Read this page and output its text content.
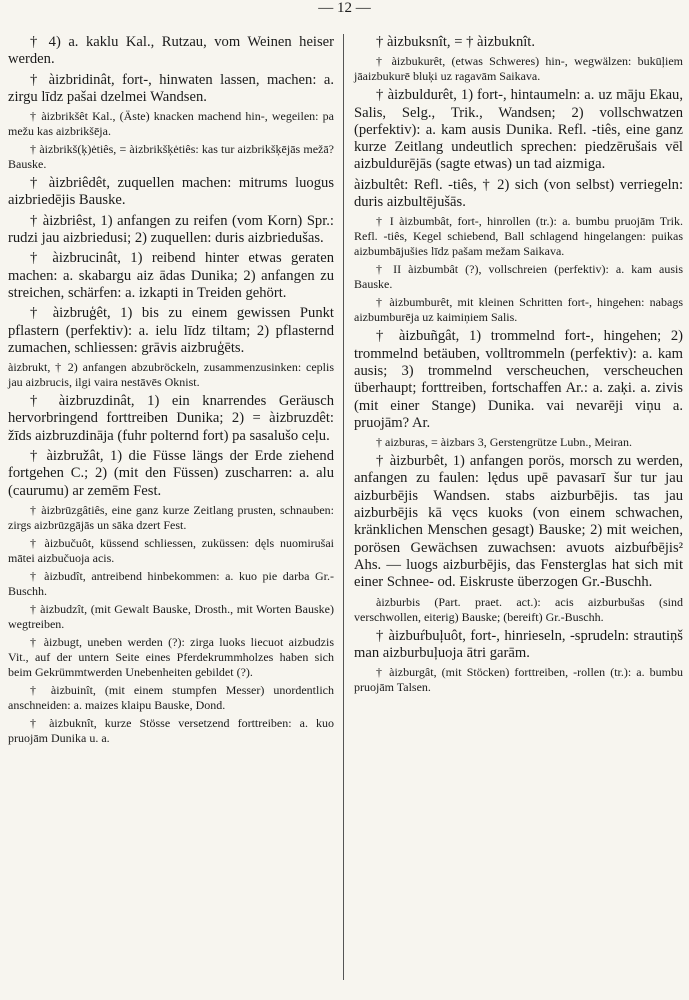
— 12 —

† 4) a. kaklu Kal., Rutzau, vom Weinen heiser werden.

† àizbridinât, fort-, hinwaten lassen, machen: a. zirgu līdz pašai dzelmei Wandsen.

† àizbrikšêt Kal., (Äste) knacken machend hin-, wegeilen: pa mežu kas aizbrikšēja.

† àizbrikš(ķ)ėtiês, = àizbrikšķėtiês: kas tur aizbrikšķējās mežā? Bauske.

† àizbriêdêt, zuquellen machen: mitrums luogus aizbriedējis Bauske.

† àizbriêst, 1) anfangen zu reifen (vom Korn) Spr.: rudzi jau aizbriedusi; 2) zuquellen: duris aizbriedušas.

† àizbrucinât, 1) reibend hinter etwas geraten machen: a. skabargu aiz ādas Dunika; 2) anfangen zu streichen, schärfen: a. izkapti in Treiden gehört.

† àizbruģêt, 1) bis zu einem gewissen Punkt pflastern (perfektiv): a. ielu līdz tiltam; 2) pflasternd zumachen, schliessen: grāvis aizbruģēts.

àizbrukt, † 2) anfangen abzubröckeln, zusammenzusinken: ceplis jau aizbrucis, ilgi vaira nestāvēs Oknist.

† àizbruzdinât, 1) ein knarrendes Geräusch hervorbringend forttreiben Dunika; 2) = àizbruzdêt: žīds aizbruzdināja (fuhr polternd fort) pa sasalušo ceļu.

† àizbružât, 1) die Füsse längs der Erde ziehend fortgehen C.; 2) (mit den Füssen) zuscharren: a. alu (caurumu) ar zemēm Fest.

† àizbrūzgâtiês, eine ganz kurze Zeitlang prusten, schnauben: zirgs aizbrūzgājās un sāka dzert Fest.

† àizbučuôt, küssend schliessen, zuküssen: dęls nuomirušai mātei aizbučuoja acis.

† àizbudît, antreibend hinbekommen: a. kuo pie darba Gr.-Buschh.

† àizbudzît, (mit Gewalt Bauske, Drosth., mit Worten Bauske) wegtreiben.

† àizbugt, uneben werden (?): zirga luoks liecuot aizbudzis Vit., auf der untern Seite eines Pferdekrummholzes haben sich beim Gekrümmtwerden Unebenheiten gebildet (?).

† àizbuinît, (mit einem stumpfen Messer) unordentlich anschneiden: a. maizes klaipu Bauske, Dond.

† àizbuknît, kurze Stösse versetzend forttreiben: a. kuo pruojām Dunika u. a.

† àizbuksnît, = † àizbuknît.

† àizbukurêt, (etwas Schweres) hin-, wegwälzen: bukūļiem jāaizbukurē bluķi uz ragavām Saikava.

† àizbuldurêt, 1) fort-, hintaumeln: a. uz māju Ekau, Salis, Selg., Trik., Wandsen; 2) vollschwatzen (perfektiv): a. kam ausis Dunika. Refl. -tiês, eine ganz kurze Zeitlang undeutlich sprechen: piedzērušais vēl aizbuldurējās (sagte etwas) un tad aizmiga.

àizbultêt: Refl. -tiês, † 2) sich (von selbst) verriegeln: duris aizbultējušās.

† I àizbumbât, fort-, hinrollen (tr.): a. bumbu pruojām Trik. Refl. -tiês, Kegel schiebend, Ball schlagend hingelangen: puikas aizbumbājušies līdz pašam mežam Saikava.

† II àizbumbât (?), vollschreien (perfektiv): a. kam ausis Bauske.

† àizbumburêt, mit kleinen Schritten fort-, hingehen: nabags aizbumburēja uz kaimiņiem Salis.

† àizbuñgât, 1) trommelnd fort-, hingehen; 2) trommelnd betäuben, volltrommeln (perfektiv): a. kam ausis; 3) trommelnd verscheuchen, verscheuchen überhaupt; forttreiben, fortschaffen Ar.: a. zaķi. a. zivis (mit einer Stange) Dunika. vai nevarēji viņu a. pruojām? Ar.

† aizburas, = àizbars 3, Gerstengrütze Lubn., Meiran.

† àizburbêt, 1) anfangen porös, morsch zu werden, anfangen zu faulen: lędus upē pavasarī šur tur jau aizburbējis Wandsen. stabs aizburbējis. tas jau aizburbējis kā vęcs kuoks (von einem schwachen, kränklichen Menschen gesagt) Bauske; 2) mit weichen, porösen Gewächsen zuwachsen: avuots aizbuŕbējis² Ahs. — luogs aizburbējis, das Fensterglas hat sich mit einer Schnee- od. Eiskruste überzogen Gr.-Buschh.

àizburbis (Part. praet. act.): acis aizburbušas (sind verschwollen, eiterig) Bauske; (bereift) Gr.-Buschh.

† àizbuŕbuļuôt, fort-, hinrieseln, -sprudeln: strautiņš man aizburbuļuoja ātri garām.

† àizburgât, (mit Stöcken) forttreiben, -rollen (tr.): a. bumbu pruojām Talsen.
